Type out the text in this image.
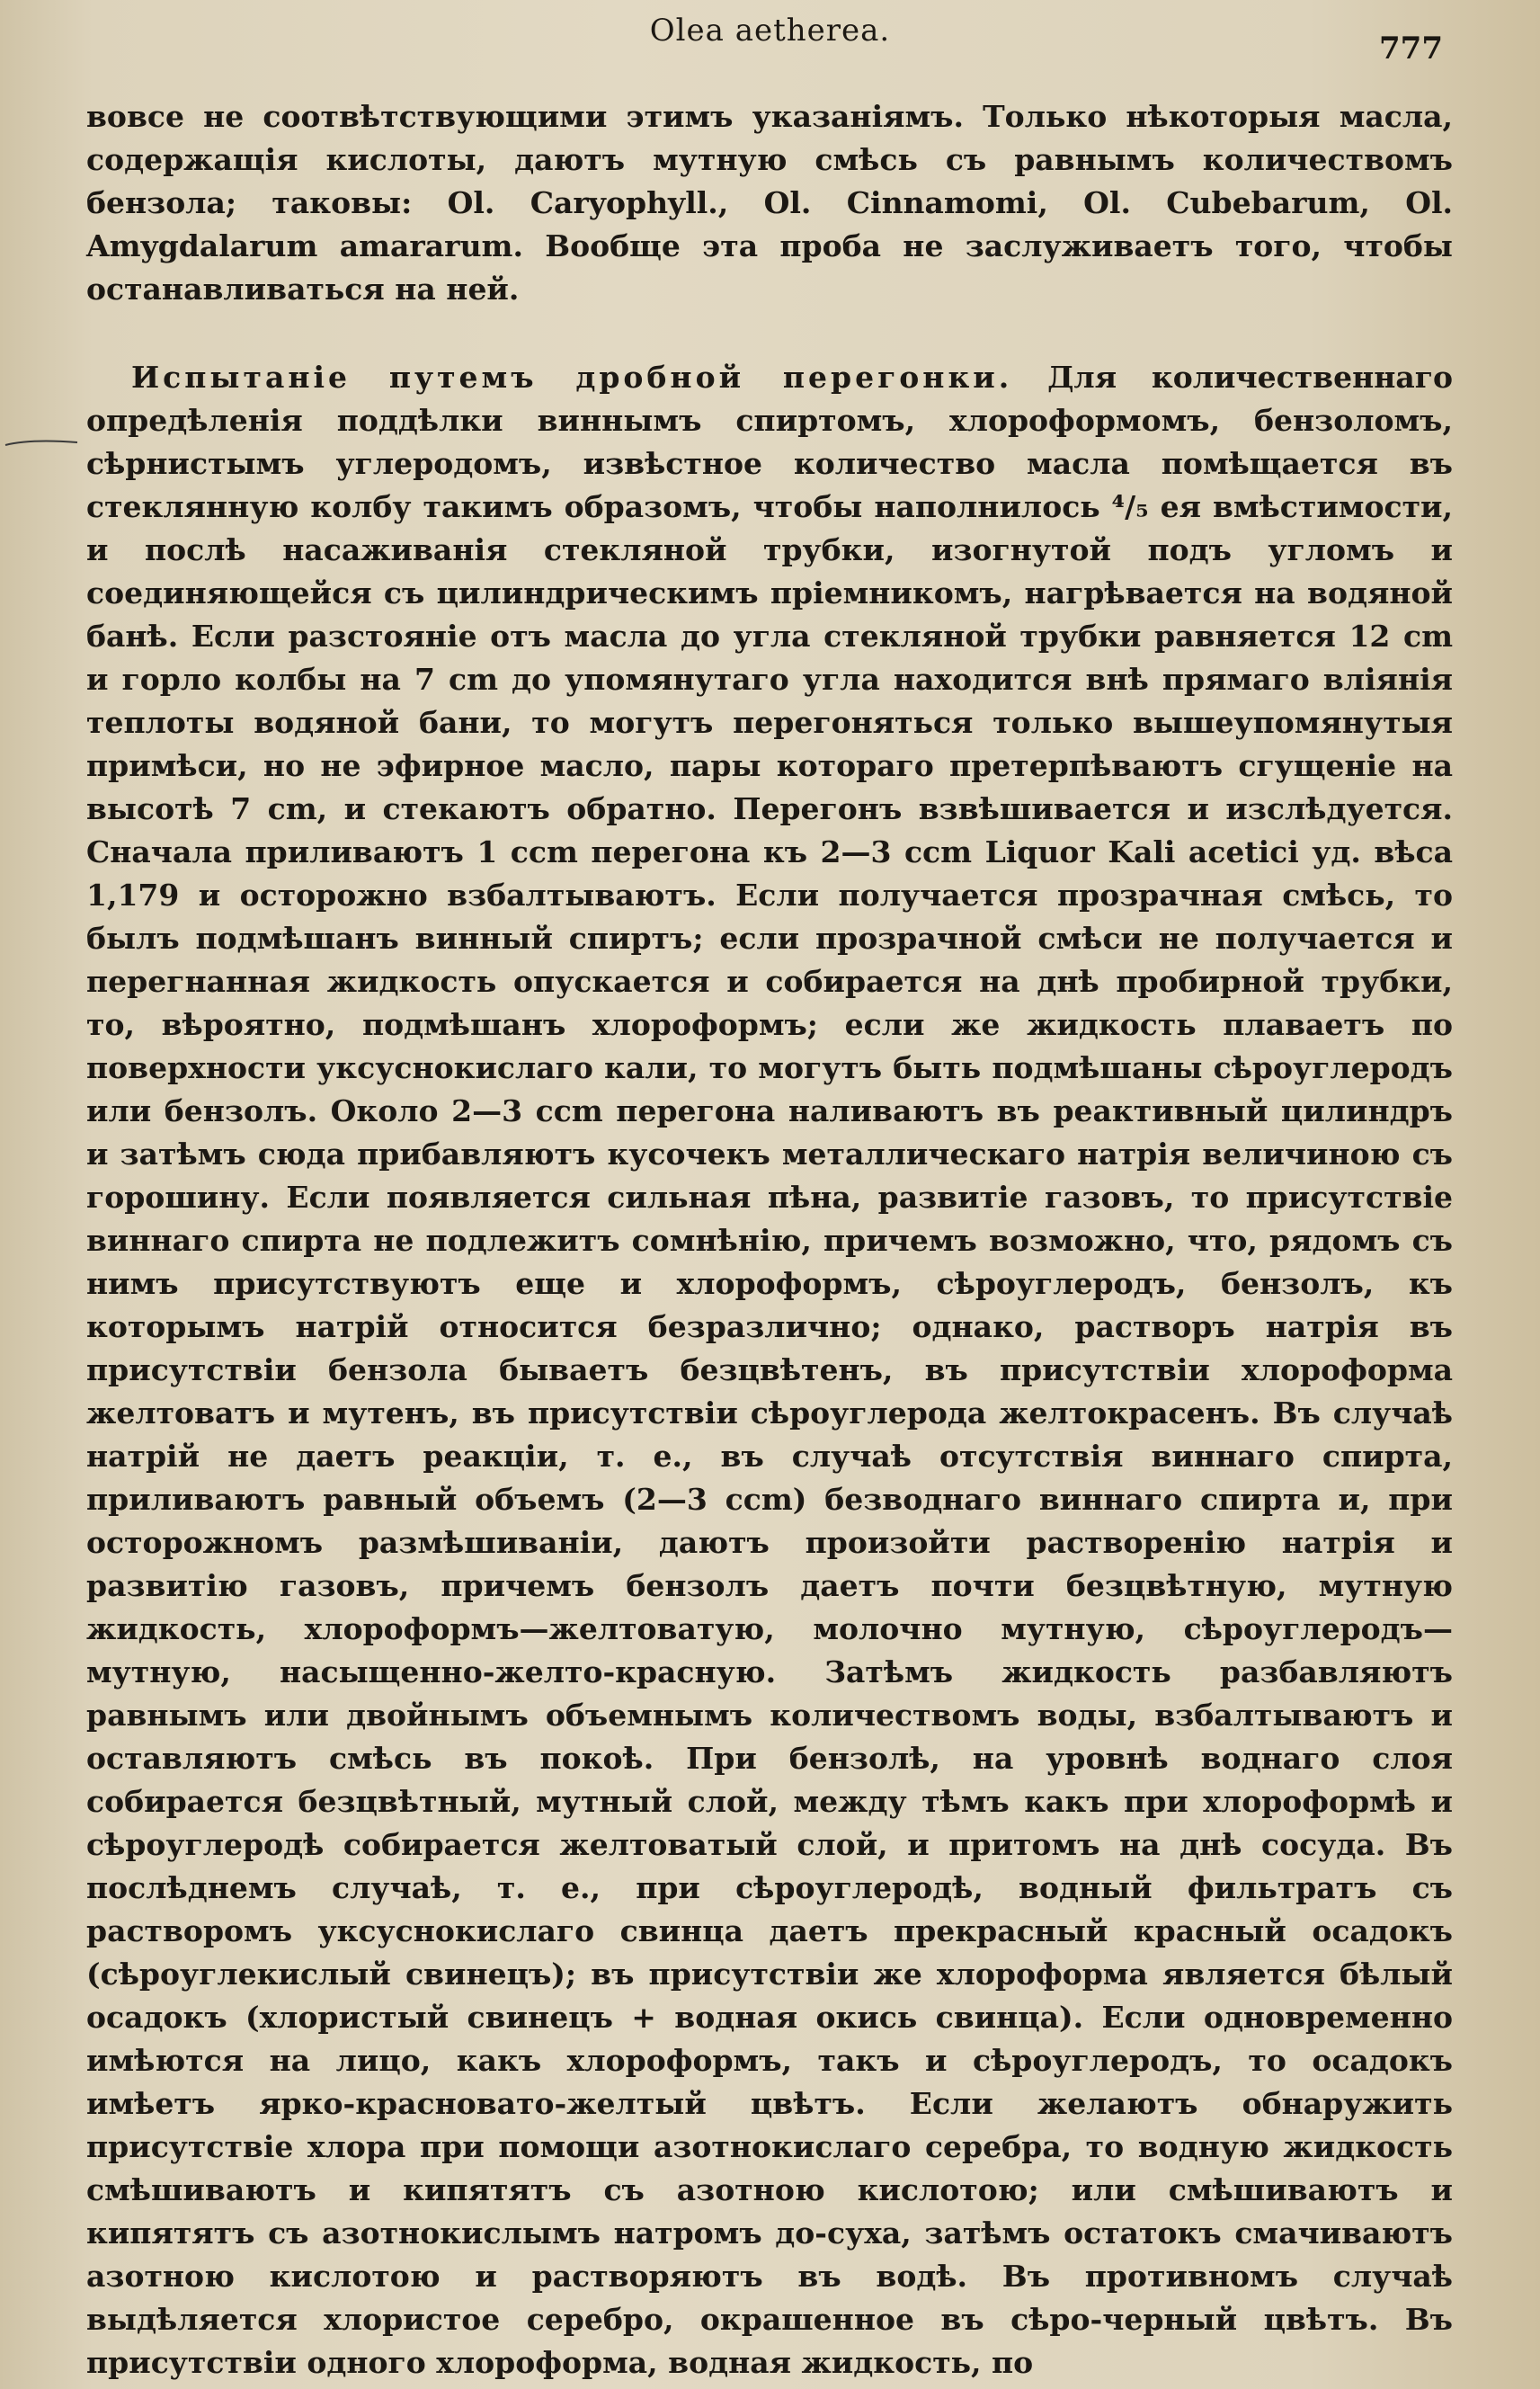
Olea aetherea.	777

вовсе не соотвѣтствующими этимъ указаніямъ. Только нѣкоторыя масла, содержащія кислоты, даютъ мутную смѣсь съ равнымъ количествомъ бензола; таковы: Ol. Caryophyll., Ol. Cinnamomi, Ol. Cubebarum, Ol. Amygdalarum amararum. Вообще эта проба не заслуживаетъ того, чтобы останавливаться на ней.

Испытаніе путемъ дробной перегонки. Для количественнаго опредѣленія поддѣлки виннымъ спиртомъ, хлороформомъ, бензоломъ, сѣрнистымъ углеродомъ, извѣстное количество масла помѣщается въ стеклянную колбу такимъ образомъ, чтобы наполнилось ⁴/₅ ея вмѣстимости, и послѣ насаживанія стекляной трубки, изогнутой подъ угломъ и соединяющейся съ цилиндрическимъ пріемникомъ, нагрѣвается на водяной банѣ. Если разстояніе отъ масла до угла стекляной трубки равняется 12 cm и горло колбы на 7 cm до упомянутаго угла находится внѣ прямаго вліянія теплоты водяной бани, то могутъ перегоняться только вышеупомянутыя примѣси, но не эфирное масло, пары котораго претерпѣваютъ сгущеніе на высотѣ 7 cm, и стекаютъ обратно. Перегонъ взвѣшивается и изслѣдуется. Сначала приливаютъ 1 ccm перегона къ 2—3 ccm Liquor Kali acetici уд. вѣса 1,179 и осторожно взбалтываютъ. Если получается прозрачная смѣсь, то былъ подмѣшанъ винный спиртъ; если прозрачной смѣси не получается и перегнанная жидкость опускается и собирается на днѣ пробирной трубки, то, вѣроятно, подмѣшанъ хлороформъ; если же жидкость плаваетъ по поверхности уксуснокислаго кали, то могутъ быть подмѣшаны сѣроуглеродъ или бензолъ. Около 2—3 ccm перегона наливаютъ въ реактивный цилиндръ и затѣмъ сюда прибавляютъ кусочекъ металлическаго натрія величиною съ горошину. Если появляется сильная пѣна, развитіе газовъ, то присутствіе виннаго спирта не подлежитъ сомнѣнію, причемъ возможно, что, рядомъ съ нимъ присутствуютъ еще и хлороформъ, сѣроуглеродъ, бензолъ, къ которымъ натрій относится безразлично; однако, растворъ натрія въ присутствіи бензола бываетъ безцвѣтенъ, въ присутствіи хлороформа желтоватъ и мутенъ, въ присутствіи сѣроуглерода желтокрасенъ. Въ случаѣ натрій не даетъ реакціи, т. е., въ случаѣ отсутствія виннаго спирта, приливаютъ равный объемъ (2—3 ccm) безводнаго виннаго спирта и, при осторожномъ размѣшиваніи, даютъ произойти растворенію натрія и развитію газовъ, причемъ бензолъ даетъ почти безцвѣтную, мутную жидкость, хлороформъ—желтоватую, молочно мутную, сѣроуглеродъ—мутную, насыщенно-желто-красную. Затѣмъ жидкость разбавляютъ равнымъ или двойнымъ объемнымъ количествомъ воды, взбалтываютъ и оставляютъ смѣсь въ покоѣ. При бензолѣ, на уровнѣ воднаго слоя собирается безцвѣтный, мутный слой, между тѣмъ какъ при хлороформѣ и сѣроуглеродѣ собирается желтоватый слой, и притомъ на днѣ сосуда. Въ послѣднемъ случаѣ, т. е., при сѣроуглеродѣ, водный фильтратъ съ растворомъ уксуснокислаго свинца даетъ прекрасный красный осадокъ (сѣроуглекислый свинецъ); въ присутствіи же хлороформа является бѣлый осадокъ (хлористый свинецъ + водная окись свинца). Если одновременно имѣются на лицо, какъ хлороформъ, такъ и сѣроуглеродъ, то осадокъ имѣетъ ярко-красновато-желтый цвѣтъ. Если желаютъ обнаружить присутствіе хлора при помощи азотнокислаго серебра, то водную жидкость смѣшиваютъ и кипятятъ съ азотною кислотою; или смѣшиваютъ и кипятятъ съ азотнокислымъ натромъ до-суха, затѣмъ остатокъ смачиваютъ азотною кислотою и растворяютъ въ водѣ. Въ противномъ случаѣ выдѣляется хлористое серебро, окрашенное въ сѣро-черный цвѣтъ. Въ присутствіи одного хлороформа, водная жидкость, по
